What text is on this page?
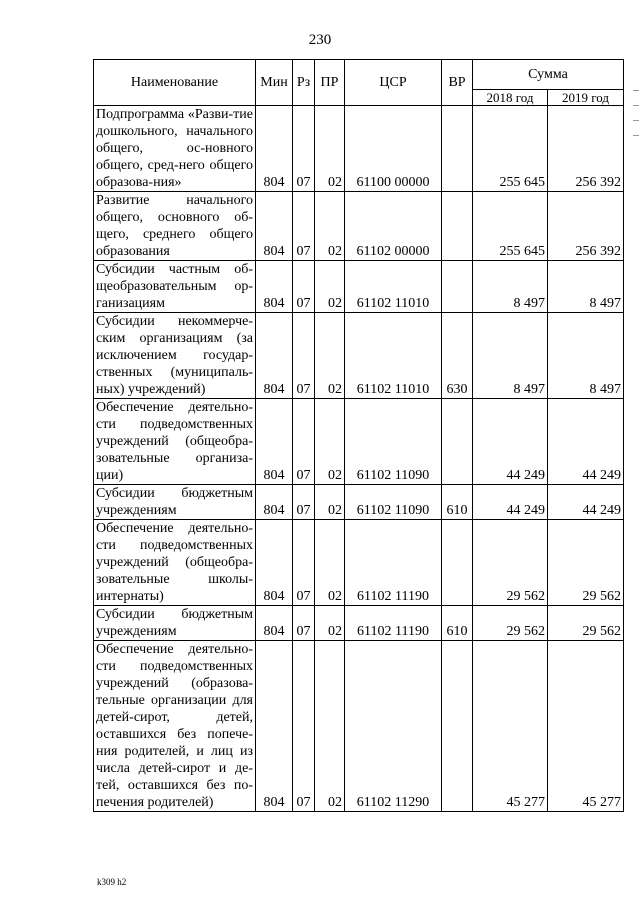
230
Наименование	Мин	Рз	ПР	ЦСР	ВР	Сумма	
						2018 год	2019 год
Подпрограмма «Разви-тие дошкольного, начального общего, ос-новного общего, сред-него общего образова-ния»	804	07	02	61100 00000		255 645	256 392
Развитие начального общего, основного об-щего, среднего общего образования	804	07	02	61102 00000		255 645	256 392
Субсидии частным об-щеобразовательным ор-ганизациям	804	07	02	61102 11010		8 497	8 497
Субсидии некоммерче-ским организациям (за исключением государ-ственных (муниципаль-ных) учреждений)	804	07	02	61102 11010	630	8 497	8 497
Обеспечение деятельно-сти подведомственных учреждений (общеобра-зовательные организа-ции)	804	07	02	61102 11090		44 249	44 249
Субсидии бюджетным учреждениям	804	07	02	61102 11090	610	44 249	44 249
Обеспечение деятельно-сти подведомственных учреждений (общеобра-зовательные школы-интернаты)	804	07	02	61102 11190		29 562	29 562
Субсидии бюджетным учреждениям	804	07	02	61102 11190	610	29 562	29 562
Обеспечение деятельно-сти подведомственных учреждений (образова-тельные организации для детей-сирот, детей, оставшихся без попече-ния родителей, и лиц из числа детей-сирот и де-тей, оставшихся без по-печения родителей)	804	07	02	61102 11290		45 277	45 277
k309 h2
